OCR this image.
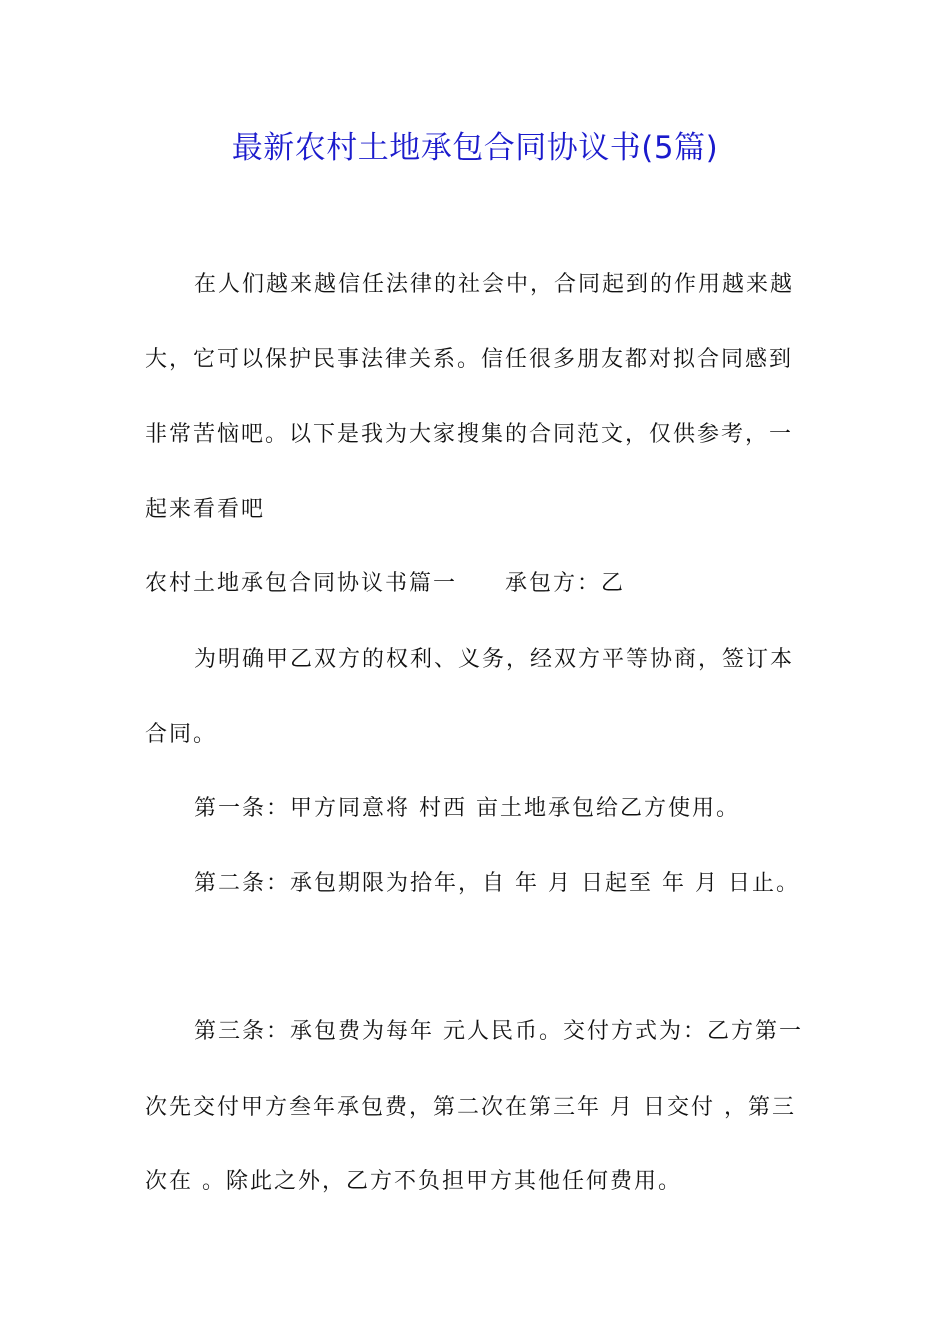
最新农村土地承包合同协议书(5篇)
在人们越来越信任法律的社会中，合同起到的作用越来越
大，它可以保护民事法律关系。信任很多朋友都对拟合同感到
非常苦恼吧。以下是我为大家搜集的合同范文，仅供参考，一
起来看看吧
农村土地承包合同协议书篇一　　承包方：乙
为明确甲乙双方的权利、义务，经双方平等协商，签订本
合同。
第一条：甲方同意将 村西 亩土地承包给乙方使用。
第二条：承包期限为拾年，自 年 月 日起至 年 月 日止。
第三条：承包费为每年 元人民币。交付方式为：乙方第一
次先交付甲方叁年承包费，第二次在第三年 月 日交付 ，第三
次在 。除此之外，乙方不负担甲方其他任何费用。
